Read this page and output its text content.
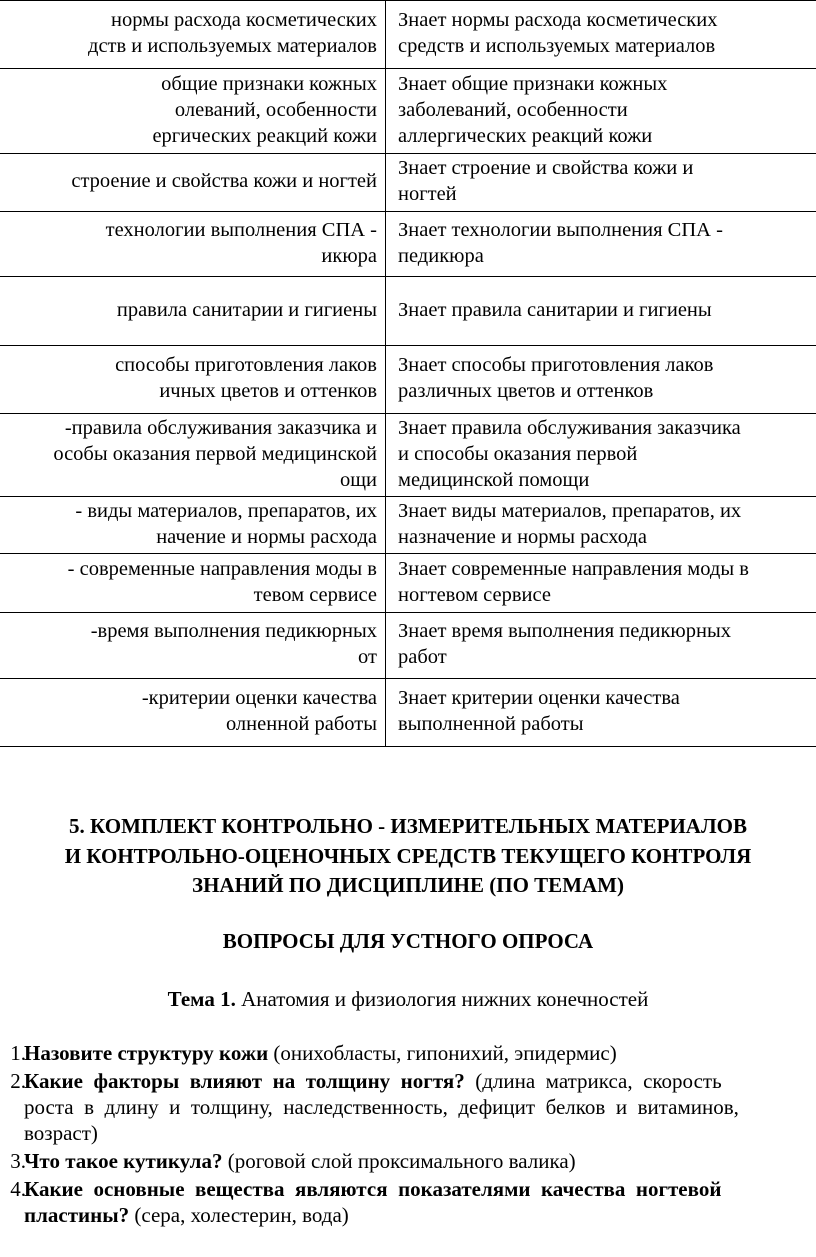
нормы расхода косметических
дств и используемых материалов
Знает нормы расхода косметических
средств и используемых материалов
общие признаки кожных
олеваний, особенности
ергических реакций кожи
Знает общие признаки кожных
заболеваний, особенности
аллергических реакций кожи
строение и свойства кожи и ногтей
Знает строение и свойства кожи и
ногтей
технологии выполнения СПА -
икюра
Знает технологии выполнения СПА -
педикюра
правила санитарии и гигиены Знает правила санитарии и гигиены
способы приготовления лаков
ичных цветов и оттенков
Знает способы приготовления лаков
различных цветов и оттенков
-правила обслуживания заказчика и
особы оказания первой медицинской
ощи
Знает правила обслуживания заказчика
и способы оказания первой
медицинской помощи
- виды материалов, препаратов, их
начение и нормы расхода
Знает виды материалов, препаратов, их
назначение и нормы расхода
- современные направления моды в
тевом сервисе
Знает современные направления моды в
ногтевом сервисе
-время выполнения педикюрных
от
Знает время выполнения педикюрных
работ
-критерии оценки качества
олненной работы
Знает критерии оценки качества
выполненной работы

5. КОМПЛЕКТ КОНТРОЛЬНО - ИЗМЕРИТЕЛЬНЫХ МАТЕРИАЛОВ

И КОНТРОЛЬНО-ОЦЕНОЧНЫХ СРЕДСТВ ТЕКУЩЕГО КОНТРОЛЯ

ЗНАНИЙ ПО ДИСЦИПЛИНЕ (ПО ТЕМАМ)

ВОПРОСЫ ДЛЯ УСТНОГО ОПРОСА

Тема 1. Анатомия и физиология нижних конечностей
1.
Назовите структуру кожи (онихобласты, гипонихий, эпидермис)
2.
Какие  факторы  влияют  на  толщину  ногтя?  (длина  матрикса,  скорость
роста  в  длину  и  толщину,  наследственность,  дефицит  белков  и  витаминов,
возраст)
3.
Что такое кутикула? (роговой слой проксимального валика)
4.
Какие  основные  вещества  являются  показателями  качества  ногтевой
пластины? (сера, холестерин, вода)
